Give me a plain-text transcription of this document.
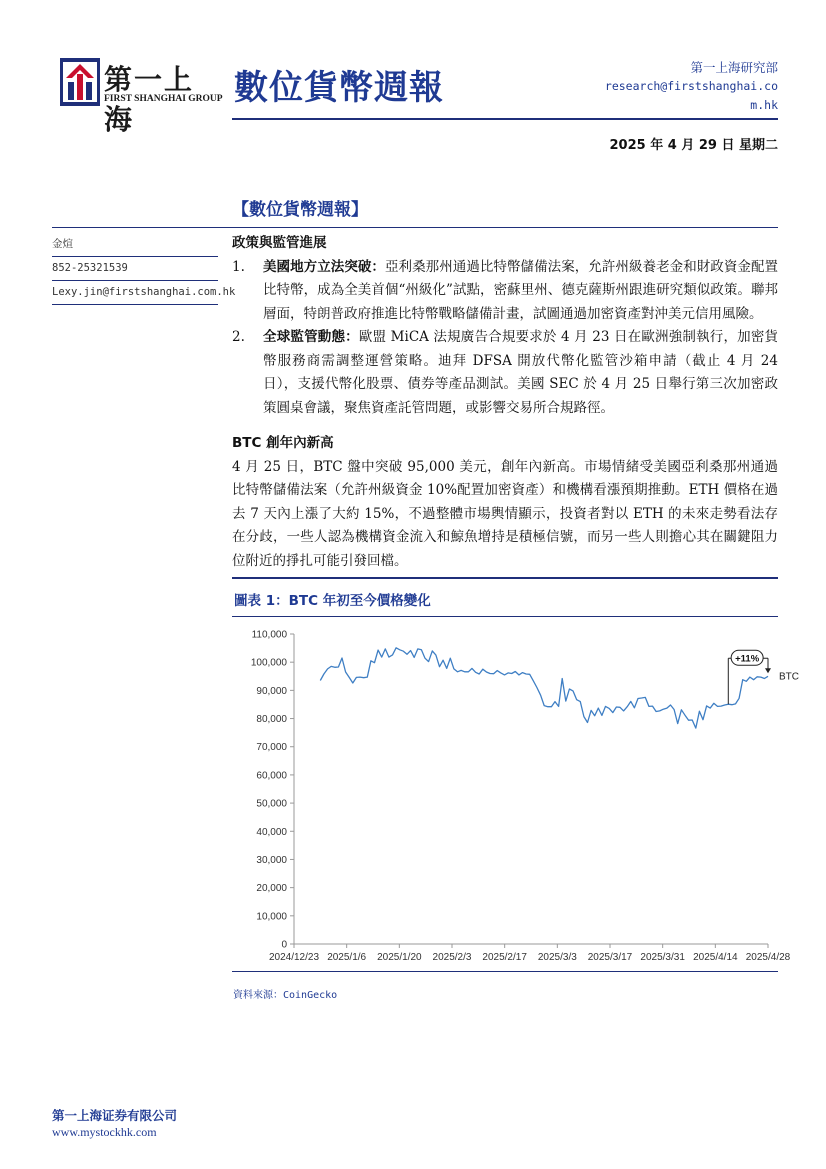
第一上海
FIRST SHANGHAI GROUP 數位貨幣週報
第一上海研究部
research@firstshanghai.co
m.hk
2025 年 4 月 29 日 星期二
【數位貨幣週報】
金煊
852-25321539
Lexy.jin@firstshanghai.com.hk
政策與監管進展
1. 美國地方立法突破：亞利桑那州通過比特幣儲備法案，允許州級養老金和財政資金配置比特幣，成為全美首個“州級化”試點，密蘇里州、德克薩斯州跟進研究類似政策。聯邦層面，特朗普政府推進比特幣戰略儲備計畫，試圖通過加密資產對沖美元信用風險。
2. 全球監管動態：歐盟 MiCA 法規廣告合規要求於 4 月 23 日在歐洲強制執行，加密貨幣服務商需調整運營策略。迪拜 DFSA 開放代幣化監管沙箱申請（截止 4 月 24 日），支援代幣化股票、債券等產品測試。美國 SEC 於 4 月 25 日舉行第三次加密政策圓桌會議，聚焦資產託管問題，或影響交易所合規路徑。
BTC 創年內新高
4 月 25 日，BTC 盤中突破 95,000 美元，創年內新高。市場情緒受美國亞利桑那州通過比特幣儲備法案（允許州級資金 10%配置加密資產）和機構看漲預期推動。ETH 價格在過去 7 天內上漲了大約 15%，不過整體市場輿情顯示，投資者對以 ETH 的未來走勢看法存在分歧，一些人認為機構資金流入和鯨魚增持是積極信號，而另一些人則擔心其在關鍵阻力位附近的掙扎可能引發回檔。
圖表 1：BTC 年初至今價格變化
0
10,000
20,000
30,000
40,000
50,000
60,000
70,000
80,000
90,000
100,000
110,000
2024/12/23 2025/1/6 2025/1/20 2025/2/3 2025/2/17 2025/3/3 2025/3/17 2025/3/31 2025/4/14 2025/4/28
BTC
+11%
資料來源：CoinGecko
第一上海证券有限公司
www.mystockhk.com
